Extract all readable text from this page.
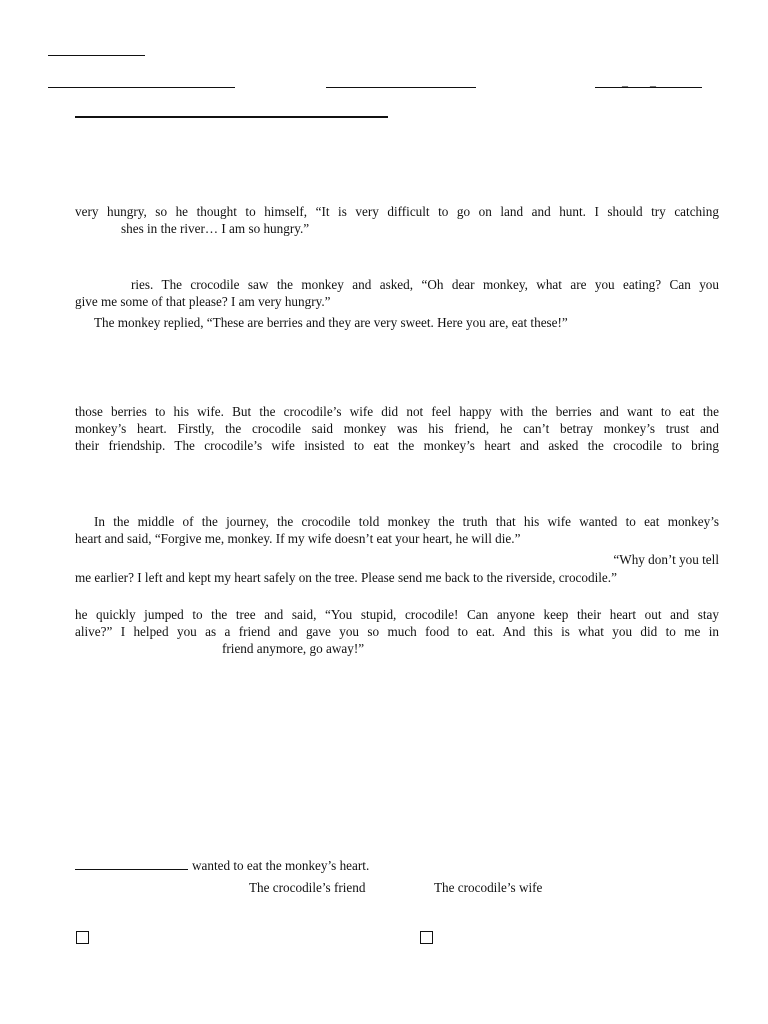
_ _
very hungry, so he thought to himself, “It is very difficult to go on land and hunt. I should try catching
shes in the river… I am so hungry.”
ries. The crocodile saw the monkey and asked, “Oh dear monkey, what are you eating? Can you
give me some of that please? I am very hungry.”
The monkey replied, “These are berries and they are very sweet. Here you are, eat these!”
those berries to his wife. But the crocodile’s wife did not feel happy with the berries and want to eat the
monkey’s heart. Firstly, the crocodile said monkey was his friend, he can’t betray monkey’s trust and
their friendship. The crocodile’s wife insisted to eat the monkey’s heart and asked the crocodile to bring
In the middle of the journey, the crocodile told monkey the truth that his wife wanted to eat monkey’s
heart and said, “Forgive me, monkey. If my wife doesn’t eat your heart, he will die.”
“Why don’t you tell
me earlier? I left and kept my heart safely on the tree. Please send me back to the riverside, crocodile.”
he quickly jumped to the tree and said, “You stupid, crocodile! Can anyone keep their heart out and stay
alive?” I helped you as a friend and gave you so much food to eat. And this is what you did to me in
friend anymore, go away!”
wanted to eat the monkey’s heart.
The crocodile’s friend	The crocodile’s wife
